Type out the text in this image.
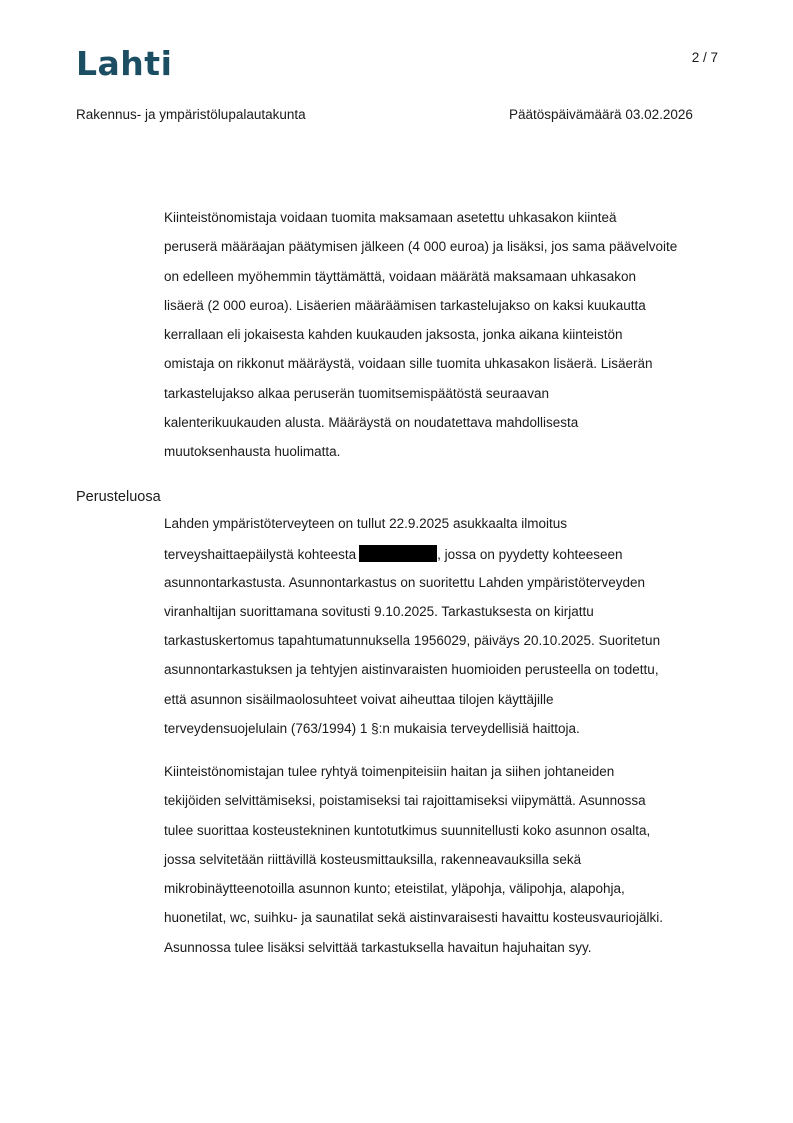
Lahti	2 / 7
Rakennus- ja ympäristölupalautakunta	Päätöspäivämäärä 03.02.2026
Kiinteistönomistaja voidaan tuomita maksamaan asetettu uhkasakon kiinteä
peruserä määräajan päätymisen jälkeen (4 000 euroa) ja lisäksi, jos sama päävelvoite
on edelleen myöhemmin täyttämättä, voidaan määrätä maksamaan uhkasakon
lisäerä (2 000 euroa). Lisäerien määräämisen tarkastelujakso on kaksi kuukautta
kerrallaan eli jokaisesta kahden kuukauden jaksosta, jonka aikana kiinteistön
omistaja on rikkonut määräystä, voidaan sille tuomita uhkasakon lisäerä. Lisäerän
tarkastelujakso alkaa peruserän tuomitsemispäätöstä seuraavan
kalenterikuukauden alusta. Määräystä on noudatettava mahdollisesta
muutoksenhausta huolimatta.
Perusteluosa
Lahden ympäristöterveyteen on tullut 22.9.2025 asukkaalta ilmoitus
terveyshaittaepäilystä kohteesta	, jossa on pyydetty kohteeseen
asunnontarkastusta. Asunnontarkastus on suoritettu Lahden ympäristöterveyden
viranhaltijan suorittamana sovitusti 9.10.2025. Tarkastuksesta on kirjattu
tarkastuskertomus tapahtumatunnuksella 1956029, päiväys 20.10.2025. Suoritetun
asunnontarkastuksen ja tehtyjen aistinvaraisten huomioiden perusteella on todettu,
että asunnon sisäilmaolosuhteet voivat aiheuttaa tilojen käyttäjille
terveydensuojelulain (763/1994) 1 §:n mukaisia terveydellisiä haittoja.
Kiinteistönomistajan tulee ryhtyä toimenpiteisiin haitan ja siihen johtaneiden
tekijöiden selvittämiseksi, poistamiseksi tai rajoittamiseksi viipymättä. Asunnossa
tulee suorittaa kosteustekninen kuntotutkimus suunnitellusti koko asunnon osalta,
jossa selvitetään riittävillä kosteusmittauksilla, rakenneavauksilla sekä
mikrobinäytteenotoilla asunnon kunto; eteistilat, yläpohja, välipohja, alapohja,
huonetilat, wc, suihku- ja saunatilat sekä aistinvaraisesti havaittu kosteusvauriojälki.
Asunnossa tulee lisäksi selvittää tarkastuksella havaitun hajuhaitan syy.
